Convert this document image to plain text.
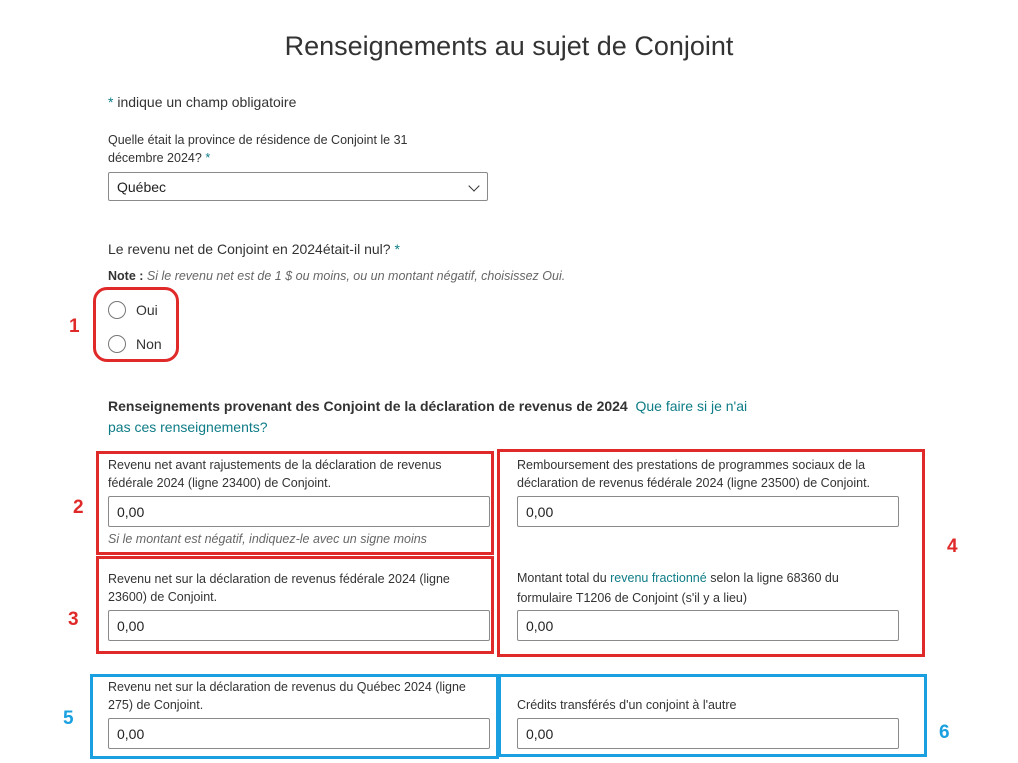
Renseignements au sujet de Conjoint
* indique un champ obligatoire
Quelle était la province de résidence de Conjoint le 31 décembre 2024? *
Québec
Le revenu net de Conjoint en 2024était-il nul? *
Note : Si le revenu net est de 1 $ ou moins, ou un montant négatif, choisissez Oui.
Oui
Non
1
Renseignements provenant des Conjoint de la déclaration de revenus de 2024 Que faire si je n'ai pas ces renseignements?
Revenu net avant rajustements de la déclaration de revenus fédérale 2024 (ligne 23400) de Conjoint.
0,00
Si le montant est négatif, indiquez-le avec un signe moins
2
Revenu net sur la déclaration de revenus fédérale 2024 (ligne 23600) de Conjoint.
0,00
3
Remboursement des prestations de programmes sociaux de la déclaration de revenus fédérale 2024 (ligne 23500) de Conjoint.
0,00
Montant total du revenu fractionné selon la ligne 68360 du formulaire T1206 de Conjoint (s'il y a lieu)
0,00
4
Revenu net sur la déclaration de revenus du Québec 2024 (ligne 275) de Conjoint.
0,00
5
Crédits transférés d'un conjoint à l'autre
0,00	6
